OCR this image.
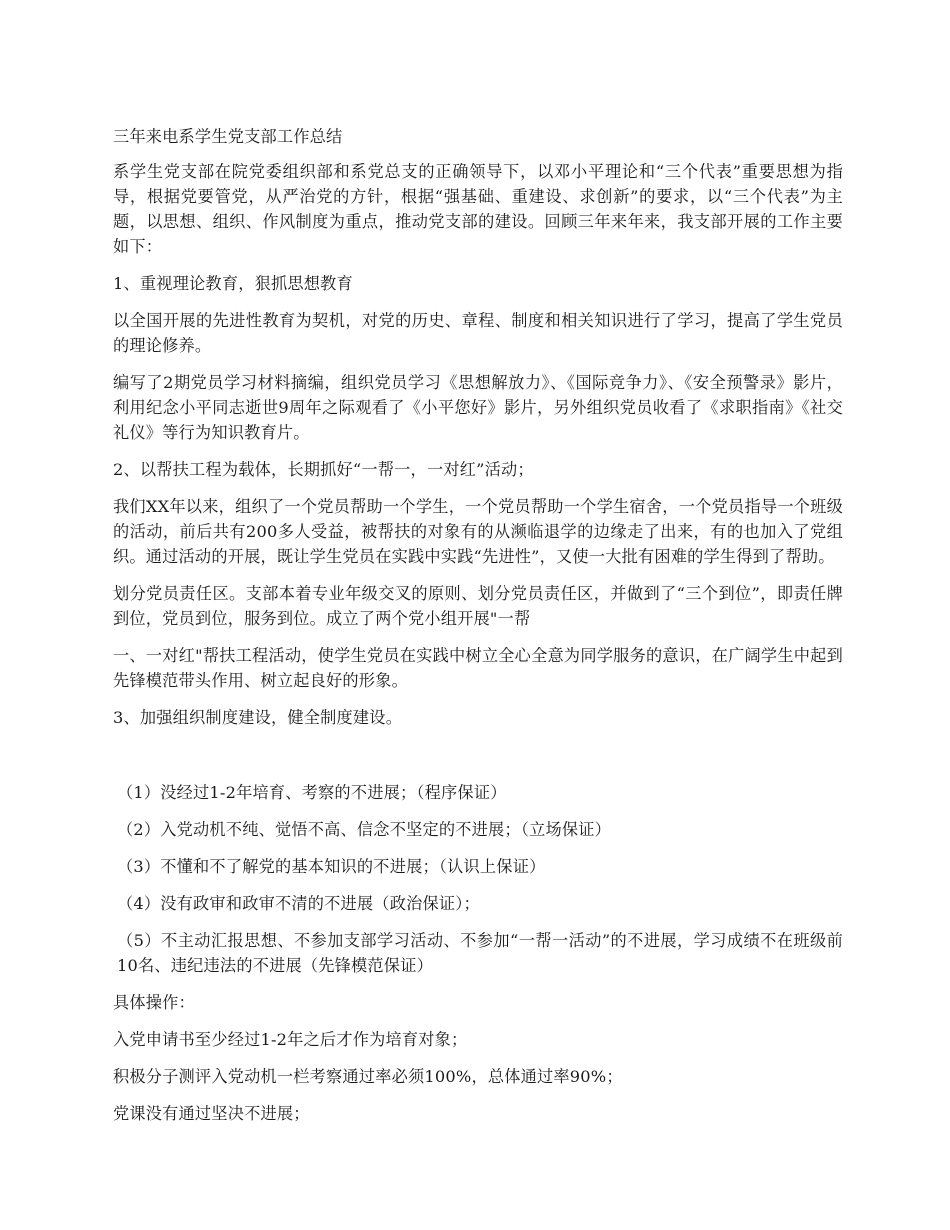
三年来电系学生党支部工作总结

系学生党支部在院党委组织部和系党总支的正确领导下，以邓小平理论和“三个代表”重要思想为指导，根据党要管党，从严治党的方针，根据“强基础、重建设、求创新”的要求，以“三个代表”为主题，以思想、组织、作风制度为重点，推动党支部的建设。回顾三年来年来，我支部开展的工作主要如下：

1、重视理论教育，狠抓思想教育

以全国开展的先进性教育为契机，对党的历史、章程、制度和相关知识进行了学习，提高了学生党员的理论修养。

编写了2期党员学习材料摘编，组织党员学习《思想解放力》、《国际竞争力》、《安全预警录》影片，利用纪念小平同志逝世9周年之际观看了《小平您好》影片，另外组织党员收看了《求职指南》《社交礼仪》等行为知识教育片。

2、以帮扶工程为载体，长期抓好“一帮一，一对红”活动；

我们XX年以来，组织了一个党员帮助一个学生，一个党员帮助一个学生宿舍，一个党员指导一个班级的活动，前后共有200多人受益，被帮扶的对象有的从濒临退学的边缘走了出来，有的也加入了党组织。通过活动的开展，既让学生党员在实践中实践“先进性”，又使一大批有困难的学生得到了帮助。

划分党员责任区。支部本着专业年级交叉的原则、划分党员责任区，并做到了“三个到位”，即责任牌到位，党员到位，服务到位。成立了两个党小组开展"一帮

一、一对红"帮扶工程活动，使学生党员在实践中树立全心全意为同学服务的意识，在广阔学生中起到先锋模范带头作用、树立起良好的形象。

3、加强组织制度建设，健全制度建设。

（1）没经过1-2年培育、考察的不进展；（程序保证）

（2）入党动机不纯、觉悟不高、信念不坚定的不进展；（立场保证）

（3）不懂和不了解党的基本知识的不进展；（认识上保证）

（4）没有政审和政审不清的不进展（政治保证）；

（5）不主动汇报思想、不参加支部学习活动、不参加“一帮一活动”的不进展，学习成绩不在班级前10名、违纪违法的不进展（先锋模范保证）

具体操作：

入党申请书至少经过1-2年之后才作为培育对象；

积极分子测评入党动机一栏考察通过率必须100%，总体通过率90%；

党课没有通过坚决不进展；
